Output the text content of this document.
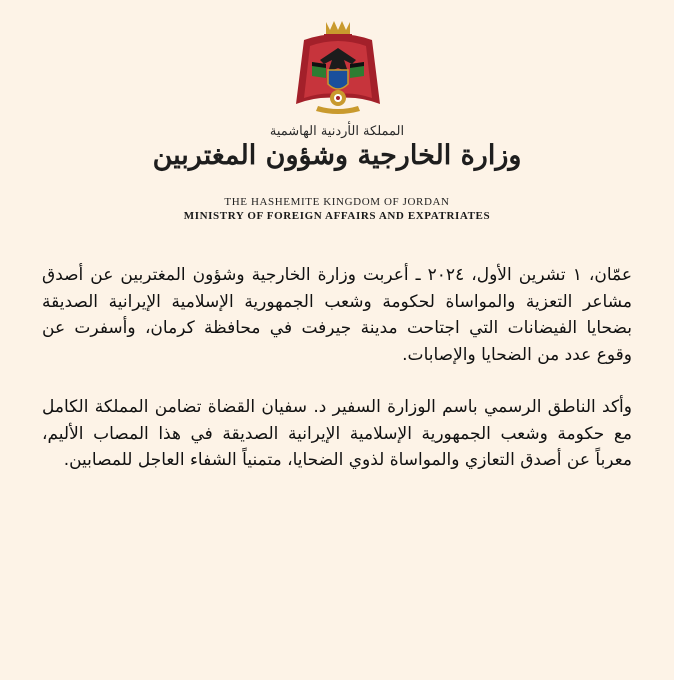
المملكة الأردنية الهاشمية
وزارة الخارجية وشؤون المغتربين
THE HASHEMITE KINGDOM OF JORDAN
MINISTRY OF FOREIGN AFFAIRS AND EXPATRIATES

عمّان، ١ تشرين الأول، ٢٠٢٤ ـ أعربت وزارة الخارجية وشؤون المغتربين عن أصدق مشاعر التعزية والمواساة لحكومة وشعب الجمهورية الإسلامية الإيرانية الصديقة بضحايا الفيضانات التي اجتاحت مدينة جيرفت في محافظة كرمان، وأسفرت عن وقوع عدد من الضحايا والإصابات.

وأكد الناطق الرسمي باسم الوزارة السفير د. سفيان القضاة تضامن المملكة الكامل مع حكومة وشعب الجمهورية الإسلامية الإيرانية الصديقة في هذا المصاب الأليم، معرباً عن أصدق التعازي والمواساة لذوي الضحايا، متمنياً الشفاء العاجل للمصابين.
